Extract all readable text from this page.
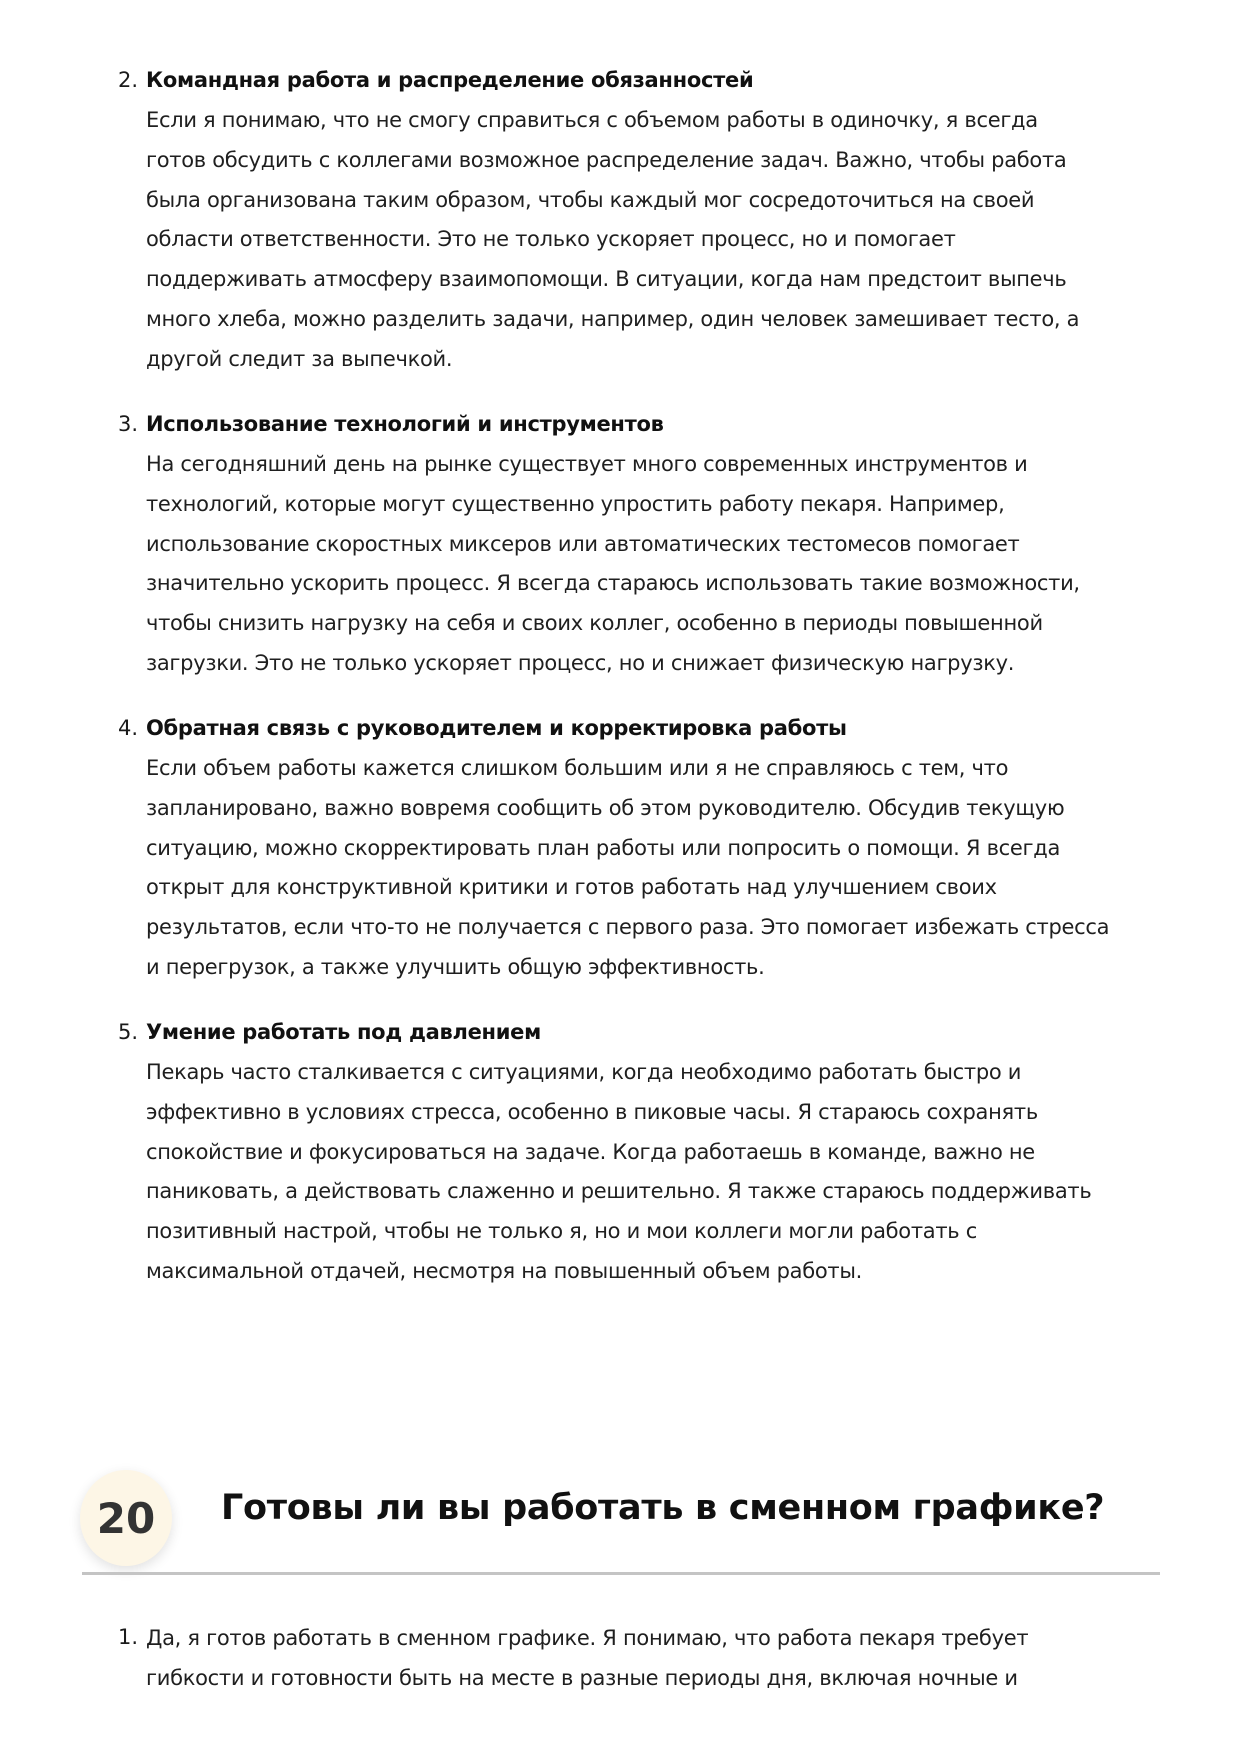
2. Командная работа и распределение обязанностей
Если я понимаю, что не смогу справиться с объемом работы в одиночку, я всегда
готов обсудить с коллегами возможное распределение задач. Важно, чтобы работа
была организована таким образом, чтобы каждый мог сосредоточиться на своей
области ответственности. Это не только ускоряет процесс, но и помогает
поддерживать атмосферу взаимопомощи. В ситуации, когда нам предстоит выпечь
много хлеба, можно разделить задачи, например, один человек замешивает тесто, а
другой следит за выпечкой.
3. Использование технологий и инструментов
На сегодняшний день на рынке существует много современных инструментов и
технологий, которые могут существенно упростить работу пекаря. Например,
использование скоростных миксеров или автоматических тестомесов помогает
значительно ускорить процесс. Я всегда стараюсь использовать такие возможности,
чтобы снизить нагрузку на себя и своих коллег, особенно в периоды повышенной
загрузки. Это не только ускоряет процесс, но и снижает физическую нагрузку.
4. Обратная связь с руководителем и корректировка работы
Если объем работы кажется слишком большим или я не справляюсь с тем, что
запланировано, важно вовремя сообщить об этом руководителю. Обсудив текущую
ситуацию, можно скорректировать план работы или попросить о помощи. Я всегда
открыт для конструктивной критики и готов работать над улучшением своих
результатов, если что-то не получается с первого раза. Это помогает избежать стресса
и перегрузок, а также улучшить общую эффективность.
5. Умение работать под давлением
Пекарь часто сталкивается с ситуациями, когда необходимо работать быстро и
эффективно в условиях стресса, особенно в пиковые часы. Я стараюсь сохранять
спокойствие и фокусироваться на задаче. Когда работаешь в команде, важно не
паниковать, а действовать слаженно и решительно. Я также стараюсь поддерживать
позитивный настрой, чтобы не только я, но и мои коллеги могли работать с
максимальной отдачей, несмотря на повышенный объем работы.
20	Готовы ли вы работать в сменном графике?
1. Да, я готов работать в сменном графике. Я понимаю, что работа пекаря требует
гибкости и готовности быть на месте в разные периоды дня, включая ночные и
